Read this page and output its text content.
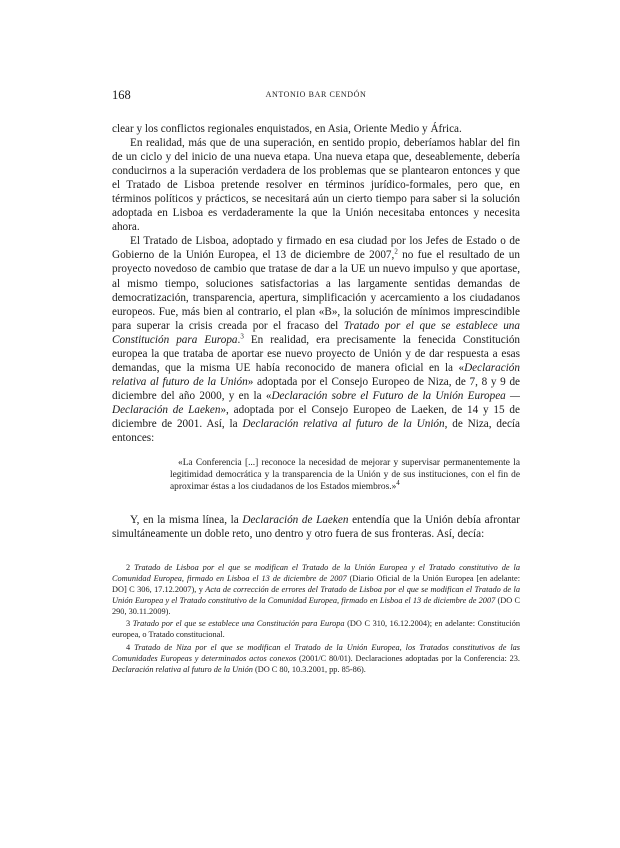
168	ANTONIO BAR CENDÓN

clear y los conflictos regionales enquistados, en Asia, Oriente Medio y África.

En realidad, más que de una superación, en sentido propio, deberíamos hablar del fin de un ciclo y del inicio de una nueva etapa. Una nueva etapa que, deseablemente, debería conducirnos a la superación verdadera de los problemas que se plantearon entonces y que el Tratado de Lisboa pretende resolver en términos jurídico-formales, pero que, en términos políticos y prácticos, se necesitará aún un cierto tiempo para saber si la solución adoptada en Lisboa es verdaderamente la que la Unión necesitaba entonces y necesita ahora.

El Tratado de Lisboa, adoptado y firmado en esa ciudad por los Jefes de Estado o de Gobierno de la Unión Europea, el 13 de diciembre de 2007,$^2$ no fue el resultado de un proyecto novedoso de cambio que tratase de dar a la UE un nuevo impulso y que aportase, al mismo tiempo, soluciones satisfactorias a las largamente sentidas demandas de democratización, transparencia, apertura, simplificación y acercamiento a los ciudadanos europeos. Fue, más bien al contrario, el plan «B», la solución de mínimos imprescindible para superar la crisis creada por el fracaso del Tratado por el que se establece una Constitución para Europa.$^3$ En realidad, era precisamente la fenecida Constitución europea la que trataba de aportar ese nuevo proyecto de Unión y de dar respuesta a esas demandas, que la misma UE había reconocido de manera oficial en la «Declaración relativa al futuro de la Unión» adoptada por el Consejo Europeo de Niza, de 7, 8 y 9 de diciembre del año 2000, y en la «Declaración sobre el Futuro de la Unión Europea — Declaración de Laeken», adoptada por el Consejo Europeo de Laeken, de 14 y 15 de diciembre de 2001. Así, la Declaración relativa al futuro de la Unión, de Niza, decía entonces:

«La Conferencia [...] reconoce la necesidad de mejorar y supervisar permanentemente la legitimidad democrática y la transparencia de la Unión y de sus instituciones, con el fin de aproximar éstas a los ciudadanos de los Estados miembros.»$^4$

Y, en la misma línea, la Declaración de Laeken entendía que la Unión debía afrontar simultáneamente un doble reto, uno dentro y otro fuera de sus fronteras. Así, decía:

2 Tratado de Lisboa por el que se modifican el Tratado de la Unión Europea y el Tratado constitutivo de la Comunidad Europea, firmado en Lisboa el 13 de diciembre de 2007 (Diario Oficial de la Unión Europea [en adelante: DO] C 306, 17.12.2007), y Acta de corrección de errores del Tratado de Lisboa por el que se modifican el Tratado de la Unión Europea y el Tratado constitutivo de la Comunidad Europea, firmado en Lisboa el 13 de diciembre de 2007 (DO C 290, 30.11.2009).

3 Tratado por el que se establece una Constitución para Europa (DO C 310, 16.12.2004); en adelante: Constitución europea, o Tratado constitucional.

4 Tratado de Niza por el que se modifican el Tratado de la Unión Europea, los Tratados constitutivos de las Comunidades Europeas y determinados actos conexos (2001/C 80/01). Declaraciones adoptadas por la Conferencia: 23. Declaración relativa al futuro de la Unión (DO C 80, 10.3.2001, pp. 85-86).
